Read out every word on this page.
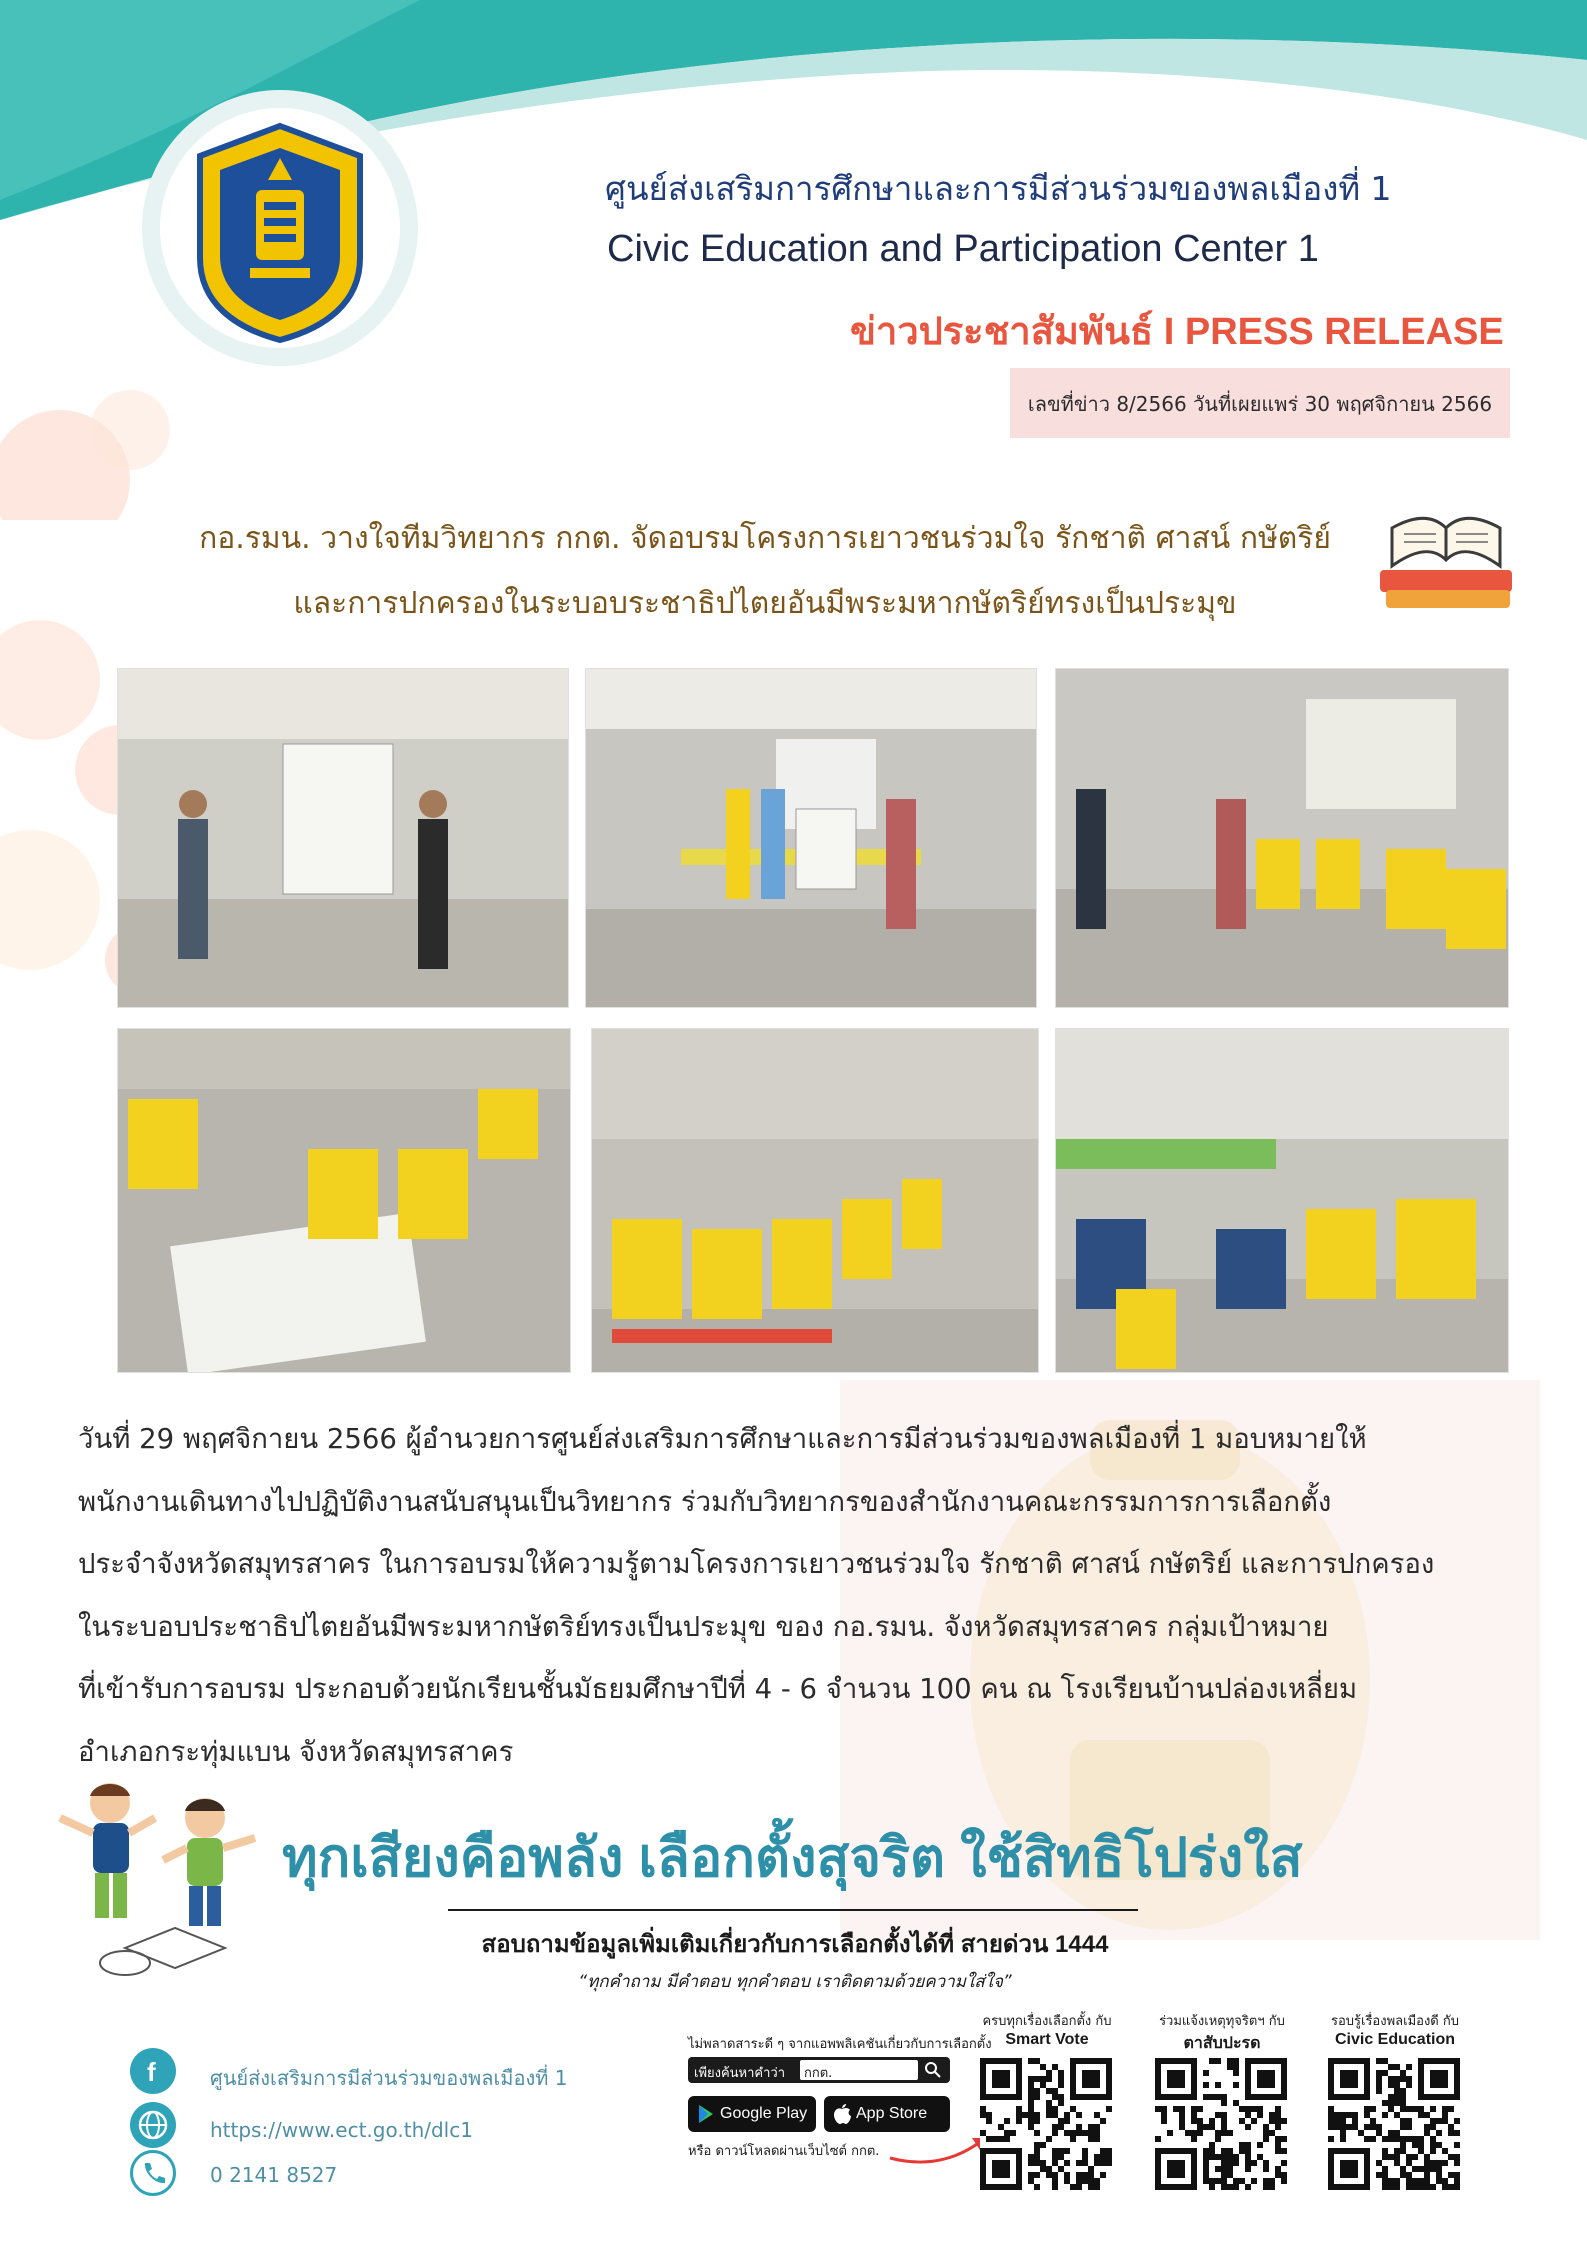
ศูนย์ส่งเสริมการศึกษาและการมีส่วนร่วมของพลเมืองที่ 1
Civic Education and Participation Center 1
ข่าวประชาสัมพันธ์ I PRESS RELEASE
เลขที่ข่าว 8/2566 วันที่เผยแพร่ 30 พฤศจิกายน 2566
กอ.รมน. วางใจทีมวิทยากร กกต. จัดอบรมโครงการเยาวชนร่วมใจ รักชาติ ศาสน์ กษัตริย์
และการปกครองในระบอบระชาธิปไตยอันมีพระมหากษัตริย์ทรงเป็นประมุข
วันที่ 29 พฤศจิกายน 2566 ผู้อำนวยการศูนย์ส่งเสริมการศึกษาและการมีส่วนร่วมของพลเมืองที่ 1 มอบหมายให้
พนักงานเดินทางไปปฏิบัติงานสนับสนุนเป็นวิทยากร ร่วมกับวิทยากรของสำนักงานคณะกรรมการการเลือกตั้ง
ประจำจังหวัดสมุทรสาคร ในการอบรมให้ความรู้ตามโครงการเยาวชนร่วมใจ รักชาติ ศาสน์ กษัตริย์ และการปกครอง
ในระบอบประชาธิปไตยอันมีพระมหากษัตริย์ทรงเป็นประมุข ของ กอ.รมน. จังหวัดสมุทรสาคร กลุ่มเป้าหมาย
ที่เข้ารับการอบรม ประกอบด้วยนักเรียนชั้นมัธยมศึกษาปีที่ 4 - 6 จำนวน 100 คน ณ โรงเรียนบ้านปล่องเหลี่ยม
อำเภอกระทุ่มแบน จังหวัดสมุทรสาคร
ทุกเสียงคือพลัง เลือกตั้งสุจริต ใช้สิทธิโปร่งใส
สอบถามข้อมูลเพิ่มเติมเกี่ยวกับการเลือกตั้งได้ที่ สายด่วน 1444
“ทุกคำถาม มีคำตอบ ทุกคำตอบ เราติดตามด้วยความใส่ใจ”
f	ศูนย์ส่งเสริมการมีส่วนร่วมของพลเมืองที่ 1
https://www.ect.go.th/dlc1
0 2141 8527
ไม่พลาดสาระดี ๆ จากแอพพลิเคชันเกี่ยวกับการเลือกตั้ง
เพียงค้นหาคำว่า กกต.
Google Play	App Store
หรือ ดาวน์โหลดผ่านเว็บไซต์ กกต.
ครบทุกเรื่องเลือกตั้ง กับ
Smart Vote
ร่วมแจ้งเหตุทุจริตฯ กับ
ตาสับปะรด
รอบรู้เรื่องพลเมืองดี กับ
Civic Education
